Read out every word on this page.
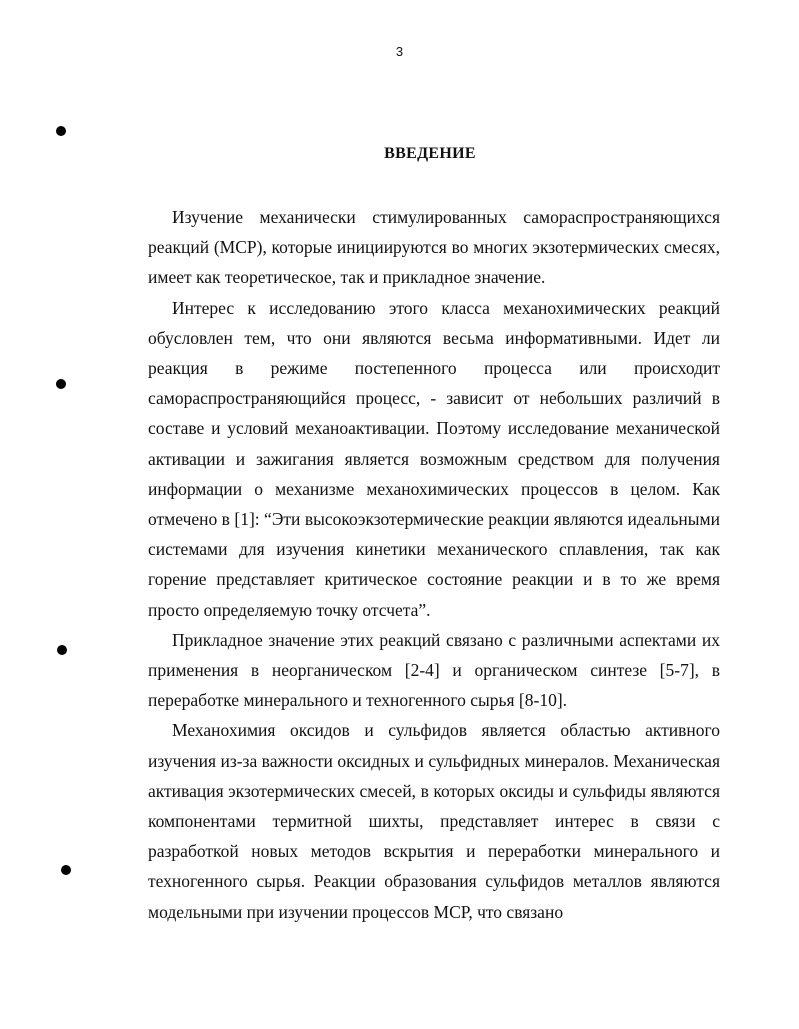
3
ВВЕДЕНИЕ

Изучение механически стимулированных самораспространяющихся реакций (МСР), которые инициируются во многих экзотермических смесях, имеет как теоретическое, так и прикладное значение.

Интерес к исследованию этого класса механохимических реакций обусловлен тем, что они являются весьма информативными. Идет ли реакция в режиме постепенного процесса или происходит самораспространяющийся процесс, - зависит от небольших различий в составе и условий механоактивации. Поэтому исследование механической активации и зажигания является возможным средством для получения информации о механизме механохимических процессов в целом. Как отмечено в [1]: “Эти высокоэкзотермические реакции являются идеальными системами для изучения кинетики механического сплавления, так как горение представляет критическое состояние реакции и в то же время просто определяемую точку отсчета”.

Прикладное значение этих реакций связано с различными аспектами их применения в неорганическом [2-4] и органическом синтезе [5-7], в переработке минерального и техногенного сырья [8-10].

Механохимия оксидов и сульфидов является областью активного изучения из-за важности оксидных и сульфидных минералов. Механическая активация экзотермических смесей, в которых оксиды и сульфиды являются компонентами термитной шихты, представляет интерес в связи с разработкой новых методов вскрытия и переработки минерального и техногенного сырья. Реакции образования сульфидов металлов являются модельными при изучении процессов МСР, что связано
